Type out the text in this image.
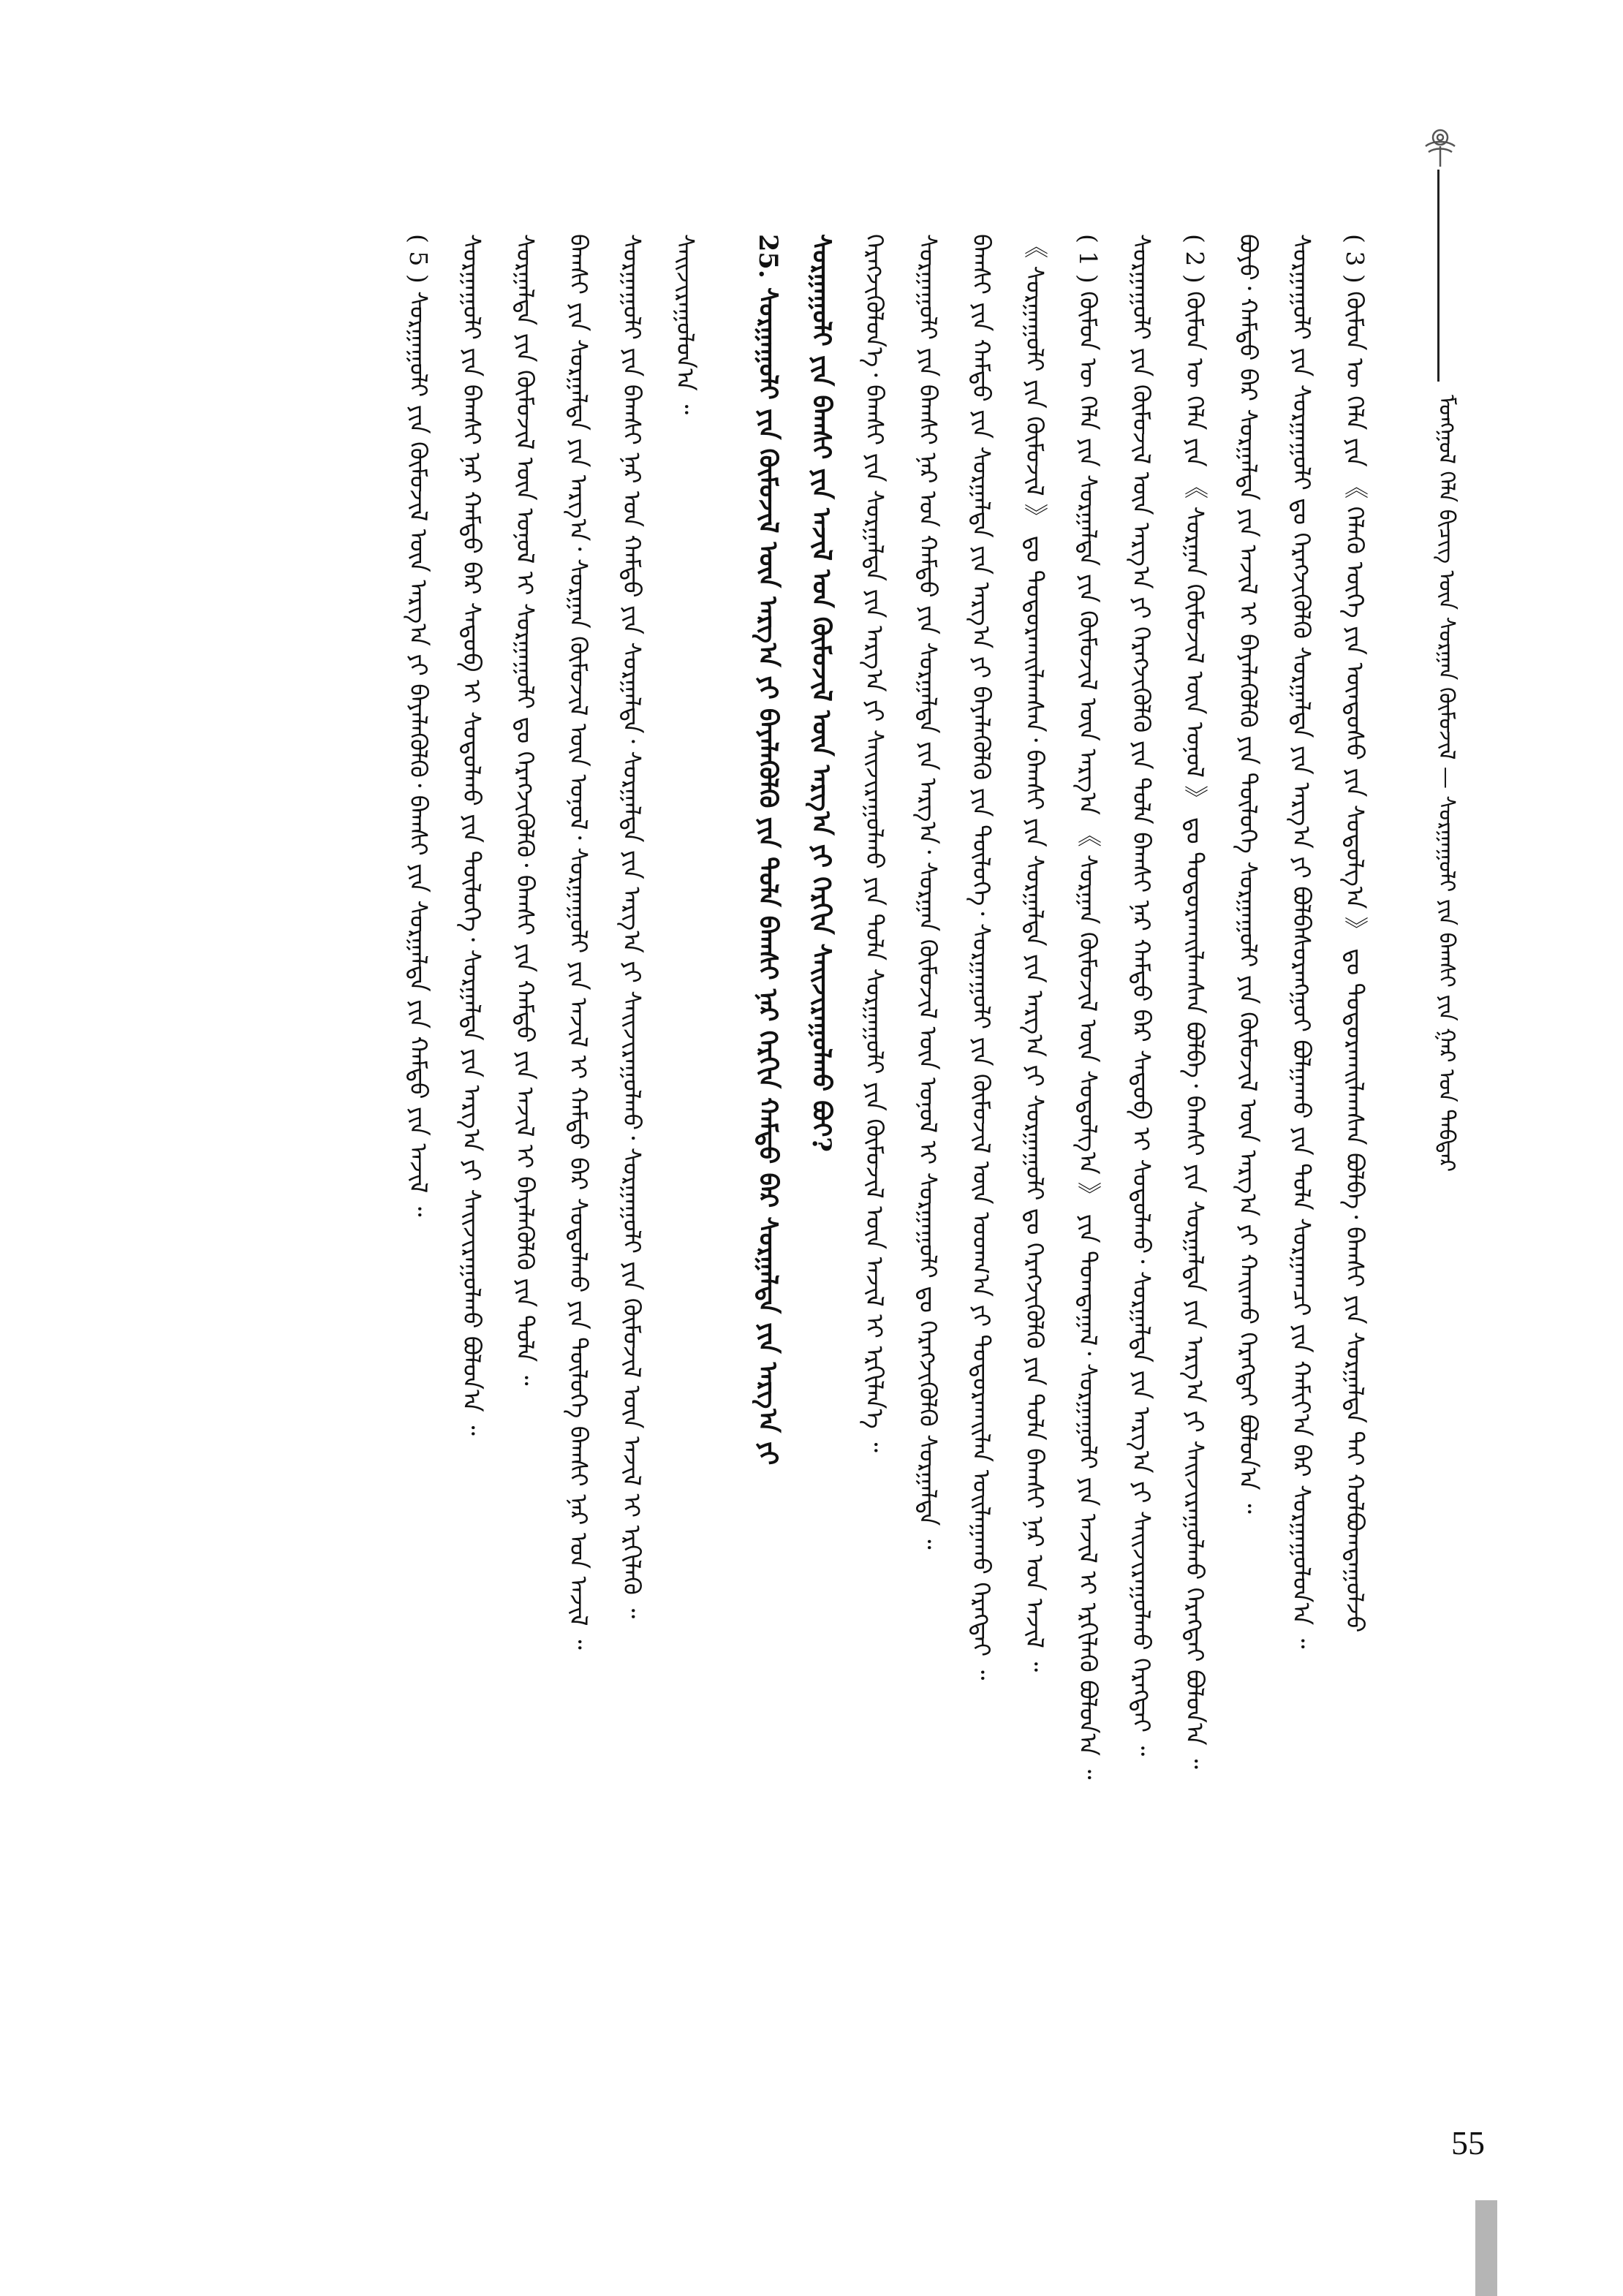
ᠮᠣᠩᠭᠤᠯ ᠬᠡᠯᠡ ᠪᠢᠴᠢᠭ ᠦᠨ ᠰᠤᠷᠭᠠᠨ ᠬᠦᠮᠦᠵᠢᠯ — ᠰᠤᠷᠭᠠᠭᠤᠯᠢ ᠶᠢᠨ ᠪᠠᠭᠰᠢ ᠶᠢᠨ ᠭᠠᠷ ᠤᠨ ᠳᠡᠪᠲᠡᠷ
( 3 ) ᠬᠦᠮᠦᠨ ᠦ ᠬᠡᠯᠡ ᠶᠢᠨ 《 ᠬᠡᠯᠡᠬᠦ ᠦᠭᠡ ᠶᠢᠨ ᠦᠨᠳᠦᠰᠦ ᠶᠢᠨ ᠰᠤᠳᠤᠯᠭ᠎ᠠ 》 ᠳᠤ ᠲᠣᠳᠣᠷᠬᠠᠢᠯᠠᠭᠰᠠᠨ ᠪᠣᠯᠪᠠ᠂ ᠪᠠᠭᠰᠢ ᠶᠢᠨ ᠰᠤᠷᠭᠠᠯᠲᠠ ᠲᠠᠢ ᠬᠣᠯᠪᠣᠭᠳᠠᠭᠤᠯᠵᠤ
ᠰᠤᠷᠭᠠᠭᠤᠯᠢ ᠶᠢᠨ ᠰᠤᠷᠭᠠᠭᠤᠯᠢ ᠳᠤ ᠬᠡᠷᠡᠭᠵᠢᠭᠦᠯᠬᠦ ᠰᠤᠷᠭᠠᠯᠲᠠ ᠶᠢᠨ ᠠᠷᠭ᠎ᠠ ᠶᠢ ᠪᠣᠯᠪᠠᠰᠤᠷᠠᠩᠭᠤᠢ ᠪᠣᠯᠭᠠᠬᠤ ᠶᠢᠨ ᠲᠤᠯᠠ ᠰᠤᠷᠭᠠᠭᠴᠢ ᠶᠢᠨ ᠬᠠᠮᠢᠶ᠎ᠠ ᠪᠠᠷ ᠰᠤᠷᠭᠠᠭᠤᠯᠤᠨ᠎ᠠ ᠃
ᠪᠤᠶᠤ᠂ ᠬᠠᠮᠲᠤ ᠪᠡᠷ ᠰᠤᠷᠭᠠᠯᠲᠠ ᠶᠢᠨ ᠠᠵᠢᠯ ᠢ ᠪᠡᠶᠡᠯᠡᠭᠦᠯᠬᠦ ᠶᠢᠨ ᠲᠥᠯᠥᠭᠡ ᠰᠤᠷᠭᠠᠭᠤᠯᠢ ᠶᠢᠨ ᠬᠦᠮᠦᠵᠢᠯ ᠦᠨ ᠠᠷᠭ᠎ᠠ ᠶᠢ ᠬᠠᠢᠬᠤ ᠬᠡᠷᠡᠭᠲᠡᠢ ᠪᠣᠯᠤᠨ᠎ᠠ ᠃
( 2 ) ᠬᠦᠮᠦᠨ ᠦ ᠬᠡᠯᠡ ᠶᠢᠨ 《 ᠰᠤᠷᠭᠠᠨ ᠬᠦᠮᠦᠵᠢᠯ ᠦᠨ ᠣᠨᠣᠯ 》 ᠳᠤ ᠲᠣᠳᠣᠷᠬᠠᠢᠯᠠᠭᠰᠠᠨ ᠪᠣᠯᠪᠠ᠂ ᠪᠠᠭᠰᠢ ᠶᠢᠨ ᠰᠤᠷᠭᠠᠯᠲᠠ ᠶᠢᠨ ᠠᠷᠭ᠎ᠠ ᠶᠢ ᠰᠠᠢᠵᠢᠷᠠᠭᠤᠯᠬᠤ ᠬᠡᠷᠡᠭᠲᠡᠢ ᠪᠣᠯᠤᠨ᠎ᠠ ᠃
ᠰᠤᠷᠭᠠᠭᠤᠯᠢ ᠶᠢᠨ ᠬᠦᠮᠦᠵᠢᠯ ᠦᠨ ᠠᠷᠭ᠎ᠠ ᠶᠢ ᠬᠡᠷᠡᠭᠵᠢᠭᠦᠯᠬᠦ ᠶᠢᠨ ᠲᠤᠯᠠ ᠪᠠᠭᠰᠢ ᠨᠠᠷ ᠬᠠᠮᠲᠤ ᠪᠡᠷ ᠰᠡᠳᠦᠪ ᠢ ᠰᠤᠳᠤᠯᠬᠤ᠂ ᠰᠤᠷᠭᠠᠯᠲᠠ ᠶᠢᠨ ᠠᠷᠭ᠎ᠠ ᠶᠢ ᠰᠠᠢᠵᠢᠷᠠᠭᠤᠯᠬᠤ ᠬᠡᠷᠡᠭᠲᠡᠢ ᠃
( 1 ) ᠬᠦᠮᠦᠨ ᠦ ᠬᠡᠯᠡ ᠶᠢᠨ ᠰᠤᠷᠭᠠᠯᠲᠠ ᠶᠢᠨ ᠬᠦᠮᠦᠵᠢᠯ ᠦᠨ ᠠᠷᠭ᠎ᠠ 《 ᠰᠤᠷᠭᠠᠨ ᠬᠦᠮᠦᠵᠢᠯ ᠦᠨ ᠰᠤᠳᠤᠯᠭ᠎ᠠ 》 ᠶᠢᠨ ᠲᠣᠭᠲᠠᠭᠠᠯ᠂ ᠰᠤᠷᠭᠠᠭᠤᠯᠢ ᠶᠢᠨ ᠠᠵᠢᠯ ᠢ ᠡᠷᠬᠢᠯᠡᠬᠦ ᠪᠣᠯᠤᠨ᠎ᠠ ᠃
《 ᠰᠤᠷᠭᠠᠭᠤᠯᠢ ᠶᠢᠨ ᠬᠦᠮᠦᠵᠢᠯ 》 ᠳᠤ ᠲᠣᠳᠣᠷᠬᠠᠢᠯᠠᠭᠰᠠᠨ᠂ ᠪᠠᠭᠰᠢ ᠶᠢᠨ ᠰᠤᠷᠭᠠᠯᠲᠠ ᠶᠢᠨ ᠠᠷᠭ᠎ᠠ ᠶᠢ ᠰᠤᠷᠭᠠᠭᠤᠯᠢ ᠳᠤ ᠬᠡᠷᠡᠭᠵᠢᠭᠦᠯᠬᠦ ᠶᠢᠨ ᠲᠤᠯᠠ ᠪᠠᠭᠰᠢ ᠨᠠᠷ ᠤᠨ ᠠᠵᠢᠯ ᠃
ᠪᠠᠭᠰᠢ ᠶᠢᠨ ᠬᠠᠮᠲᠤ ᠶᠢᠨ ᠰᠤᠷᠭᠠᠯᠲᠠ ᠶᠢᠨ ᠠᠷᠭ᠎ᠠ ᠶᠢ ᠪᠡᠶᠡᠯᠡᠭᠦᠯᠬᠦ ᠶᠢᠨ ᠲᠥᠯᠥᠭᠡ᠂ ᠰᠤᠷᠭᠠᠭᠤᠯᠢ ᠶᠢᠨ ᠬᠦᠮᠦᠵᠢᠯ ᠦᠨ ᠤᠳᠬ᠎ᠠ ᠶᠢ ᠲᠣᠳᠣᠷᠬᠠᠢᠯᠠᠨ ᠣᠢᠯᠠᠭᠠᠬᠤ ᠬᠡᠷᠡᠭᠲᠡᠢ ᠃
ᠰᠤᠷᠭᠠᠭᠤᠯᠢ ᠶᠢᠨ ᠪᠠᠭᠰᠢ ᠨᠠᠷ ᠤᠨ ᠬᠠᠮᠲᠤ ᠶᠢᠨ ᠰᠤᠷᠭᠠᠯᠲᠠ ᠶᠢᠨ ᠠᠷᠭ᠎ᠠ᠂ ᠰᠤᠷᠭᠠᠨ ᠬᠦᠮᠦᠵᠢᠯ ᠦᠨ ᠣᠨᠣᠯ ᠢ ᠰᠤᠷᠭᠠᠭᠤᠯᠢ ᠳᠤ ᠬᠡᠷᠡᠭᠵᠢᠭᠦᠯᠬᠦ ᠰᠤᠷᠭᠠᠯᠲᠠ ᠃
ᠬᠡᠷᠡᠭᠵᠢᠭᠦᠯᠦᠨ᠎ᠡ᠂ ᠪᠠᠭᠰᠢ ᠶᠢᠨ ᠰᠤᠷᠭᠠᠯᠲᠠ ᠶᠢᠨ ᠠᠷᠭ᠎ᠠ ᠶᠢ ᠰᠠᠢᠵᠢᠷᠠᠭᠤᠯᠬᠤ ᠶᠢᠨ ᠲᠤᠯᠠ ᠰᠤᠷᠭᠠᠭᠤᠯᠢ ᠶᠢᠨ ᠬᠦᠮᠦᠵᠢᠯ ᠦᠨ ᠠᠵᠢᠯ ᠢ ᠡᠷᠬᠢᠯᠡᠨ᠎ᠡ ᠃
ᠰᠤᠷᠭᠠᠭᠤᠯᠢ ᠶᠢᠨ ᠪᠠᠭᠰᠢ ᠶᠢᠨ ᠠᠵᠢᠯ ᠤᠨ ᠬᠦᠮᠦᠵᠢᠯ ᠦᠨ ᠠᠷᠭ᠎ᠠ ᠶᠢ ᠬᠡᠷᠬᠢᠨ ᠰᠠᠢᠵᠢᠷᠠᠭᠤᠯᠬᠤ ᠪᠤᠢ?
25. ᠰᠤᠷᠭᠠᠭᠤᠯᠢ ᠶᠢᠨ ᠬᠦᠮᠦᠵᠢᠯ ᠦᠨ ᠠᠷᠭ᠎ᠠ ᠶᠢ ᠪᠡᠶᠡᠯᠡᠭᠦᠯᠬᠦ ᠶᠢᠨ ᠲᠤᠯᠠ ᠪᠠᠭᠰᠢ ᠨᠠᠷ ᠬᠡᠷᠬᠢᠨ ᠬᠠᠮᠲᠤ ᠪᠡᠷ ᠰᠤᠷᠭᠠᠯᠲᠠ ᠶᠢᠨ ᠠᠷᠭ᠎ᠠ ᠶᠢ
ᠰᠠᠢᠵᠢᠷᠠᠭᠤᠯᠤᠨ᠎ᠠ ᠃
ᠰᠤᠷᠭᠠᠭᠤᠯᠢ ᠶᠢᠨ ᠪᠠᠭᠰᠢ ᠨᠠᠷ ᠤᠨ ᠬᠠᠮᠲᠤ ᠶᠢᠨ ᠰᠤᠷᠭᠠᠯᠲᠠ᠂ ᠰᠤᠷᠭᠠᠯᠲᠠ ᠶᠢᠨ ᠠᠷᠭ᠎ᠠ ᠶᠢ ᠰᠠᠢᠵᠢᠷᠠᠭᠤᠯᠬᠤ᠂ ᠰᠤᠷᠭᠠᠭᠤᠯᠢ ᠶᠢᠨ ᠬᠦᠮᠦᠵᠢᠯ ᠦᠨ ᠠᠵᠢᠯ ᠢ ᠡᠷᠬᠢᠯᠡᠬᠦ ᠃
ᠪᠠᠭᠰᠢ ᠶᠢᠨ ᠰᠤᠷᠭᠠᠯᠲᠠ ᠶᠢᠨ ᠠᠷᠭ᠎ᠠ᠂ ᠰᠤᠷᠭᠠᠨ ᠬᠦᠮᠦᠵᠢᠯ ᠦᠨ ᠣᠨᠣᠯ᠂ ᠰᠤᠷᠭᠠᠭᠤᠯᠢ ᠶᠢᠨ ᠠᠵᠢᠯ ᠢ ᠬᠠᠮᠲᠤ ᠪᠡᠷ ᠰᠤᠳᠤᠯᠬᠤ ᠶᠢᠨ ᠲᠥᠯᠥᠭᠡ ᠪᠠᠭᠰᠢ ᠨᠠᠷ ᠤᠨ ᠠᠵᠢᠯ ᠃
ᠰᠤᠷᠭᠠᠯᠲᠠ ᠶᠢᠨ ᠬᠦᠮᠦᠵᠢᠯ ᠦᠨ ᠣᠨᠣᠯ ᠢ ᠰᠤᠷᠭᠠᠭᠤᠯᠢ ᠳᠤ ᠬᠡᠷᠡᠭᠵᠢᠭᠦᠯᠬᠦ᠂ ᠪᠠᠭᠰᠢ ᠶᠢᠨ ᠬᠠᠮᠲᠤ ᠶᠢᠨ ᠠᠵᠢᠯ ᠢ ᠪᠡᠶᠡᠯᠡᠭᠦᠯᠬᠦ ᠶᠢᠨ ᠲᠤᠯᠠ ᠃
ᠰᠤᠷᠭᠠᠭᠤᠯᠢ ᠶᠢᠨ ᠪᠠᠭᠰᠢ ᠨᠠᠷ ᠬᠠᠮᠲᠤ ᠪᠡᠷ ᠰᠡᠳᠦᠪ ᠢ ᠰᠤᠳᠤᠯᠬᠤ ᠶᠢᠨ ᠲᠥᠯᠥᠭᠡ᠂ ᠰᠤᠷᠭᠠᠯᠲᠠ ᠶᠢᠨ ᠠᠷᠭ᠎ᠠ ᠶᠢ ᠰᠠᠢᠵᠢᠷᠠᠭᠤᠯᠬᠤ ᠪᠣᠯᠤᠨ᠎ᠠ ᠃
( 5 ) ᠰᠤᠷᠭᠠᠭᠤᠯᠢ ᠶᠢᠨ ᠬᠦᠮᠦᠵᠢᠯ ᠦᠨ ᠠᠷᠭ᠎ᠠ ᠶᠢ ᠪᠡᠶᠡᠯᠡᠭᠦᠯᠬᠦ᠂ ᠪᠠᠭᠰᠢ ᠶᠢᠨ ᠰᠤᠷᠭᠠᠯᠲᠠ ᠶᠢᠨ ᠬᠠᠮᠲᠤ ᠶᠢᠨ ᠠᠵᠢᠯ ᠃
55
